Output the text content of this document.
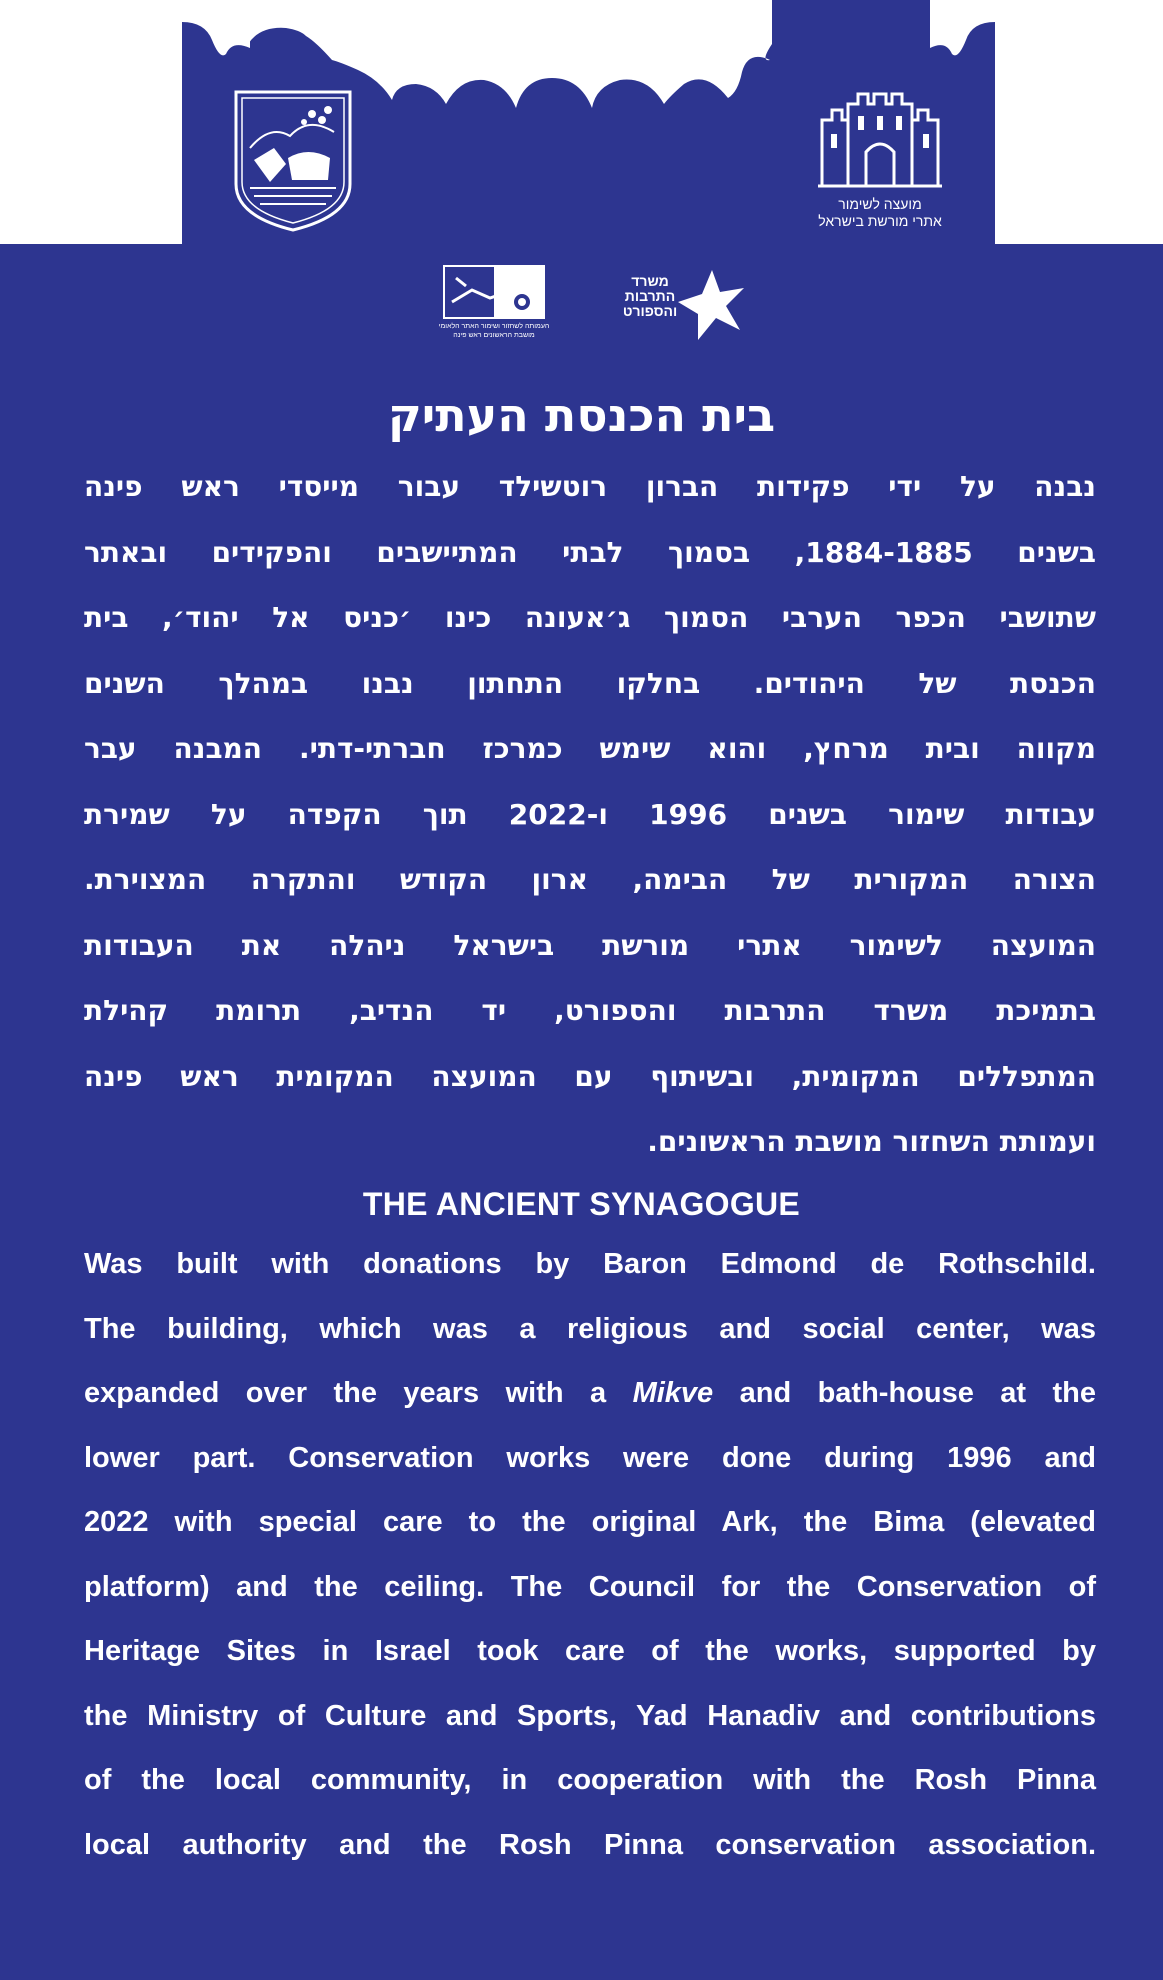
מועצה לשימור
אתרי מורשת בישראל
העמותה לשחזור ושימור האתר הלאומי
מושבת הראשונים ראש פינה
משרד
התרבות
והספורט
בית הכנסת העתיק
נבנה על ידי פקידות הברון רוטשילד עבור מייסדי ראש פינה
בשנים 1884-1885, בסמוך לבתי המתיישבים והפקידים ובאתר
שתושבי הכפר הערבי הסמוך ג׳אעונה כינו ׳כניס אל יהוד׳, בית
הכנסת של היהודים. בחלקו התחתון נבנו במהלך השנים
מקווה ובית מרחץ, והוא שימש כמרכז חברתי-דתי. המבנה עבר
עבודות שימור בשנים 1996 ו-2022 תוך הקפדה על שמירת
הצורה המקורית של הבימה, ארון הקודש והתקרה המצוירת.
המועצה לשימור אתרי מורשת בישראל ניהלה את העבודות
בתמיכת משרד התרבות והספורט, יד הנדיב, תרומת קהילת
המתפללים המקומית, ובשיתוף עם המועצה המקומית ראש פינה
ועמותת השחזור מושבת הראשונים.
THE ANCIENT SYNAGOGUE
Was built with donations by Baron Edmond de Rothschild.
The building, which was a religious and social center, was
expanded over the years with a Mikve and bath-house at the
lower part. Conservation works were done during 1996 and
2022 with special care to the original Ark, the Bima (elevated
platform) and the ceiling. The Council for the Conservation of
Heritage Sites in Israel took care of the works, supported by
the Ministry of Culture and Sports, Yad Hanadiv and contributions
of the local community, in cooperation with the Rosh Pinna
local authority and the Rosh Pinna conservation association.
